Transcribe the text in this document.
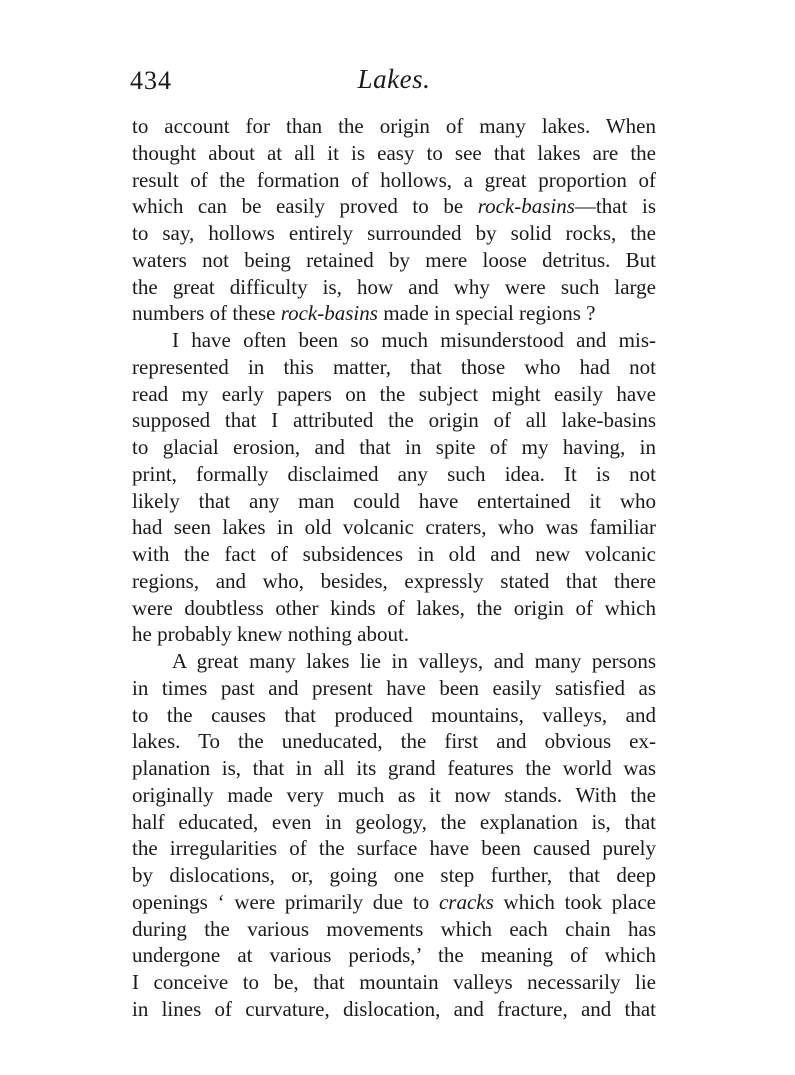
434	Lakes.
to account for than the origin of many lakes. When
thought about at all it is easy to see that lakes are the
result of the formation of hollows, a great proportion of
which can be easily proved to be rock-basins—that is
to say, hollows entirely surrounded by solid rocks, the
waters not being retained by mere loose detritus. But
the great difficulty is, how and why were such large
numbers of these rock-basins made in special regions ?
I have often been so much misunderstood and mis-
represented in this matter, that those who had not
read my early papers on the subject might easily have
supposed that I attributed the origin of all lake-basins
to glacial erosion, and that in spite of my having, in
print, formally disclaimed any such idea. It is not
likely that any man could have entertained it who
had seen lakes in old volcanic craters, who was familiar
with the fact of subsidences in old and new volcanic
regions, and who, besides, expressly stated that there
were doubtless other kinds of lakes, the origin of which
he probably knew nothing about.
A great many lakes lie in valleys, and many persons
in times past and present have been easily satisfied as
to the causes that produced mountains, valleys, and
lakes. To the uneducated, the first and obvious ex-
planation is, that in all its grand features the world was
originally made very much as it now stands. With the
half educated, even in geology, the explanation is, that
the irregularities of the surface have been caused purely
by dislocations, or, going one step further, that deep
openings ‘ were primarily due to cracks which took place
during the various movements which each chain has
undergone at various periods,’ the meaning of which
I conceive to be, that mountain valleys necessarily lie
in lines of curvature, dislocation, and fracture, and that
